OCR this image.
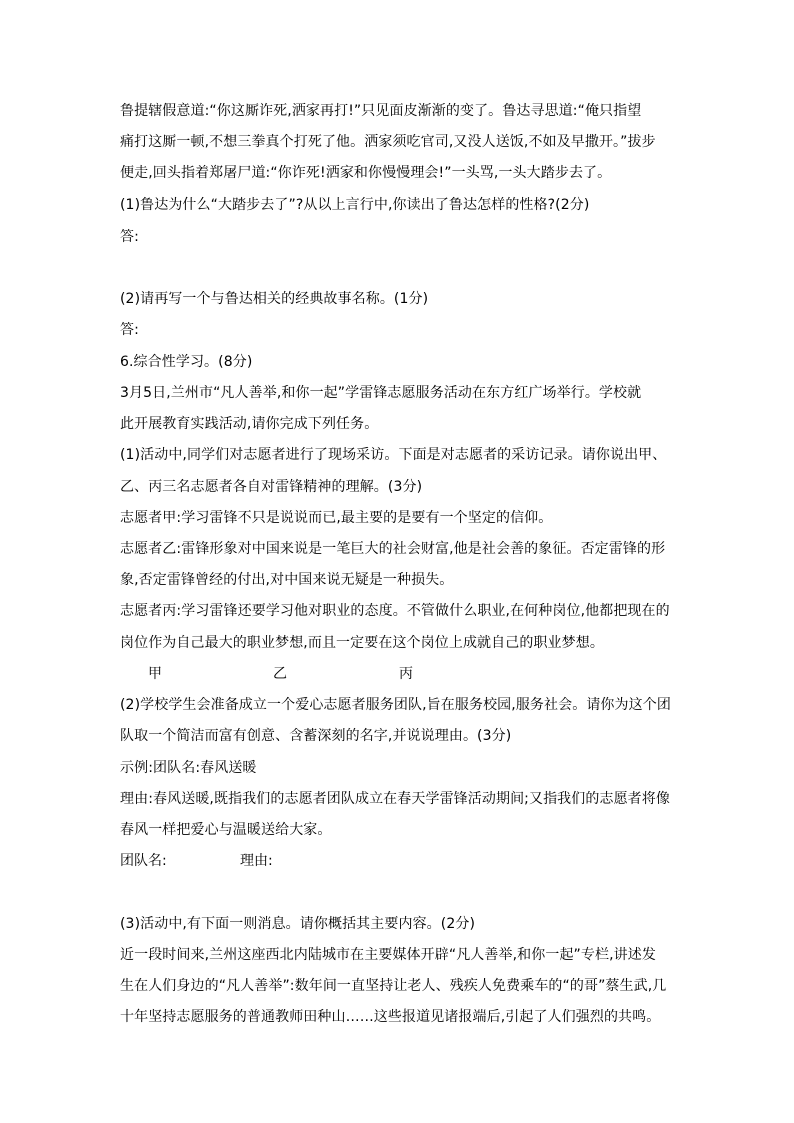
鲁提辖假意道:“你这厮诈死,洒家再打!”只见面皮渐渐的变了。鲁达寻思道:“俺只指望
痛打这厮一顿,不想三拳真个打死了他。洒家须吃官司,又没人送饭,不如及早撒开。”拔步
便走,回头指着郑屠尸道:“你诈死!洒家和你慢慢理会!”一头骂,一头大踏步去了。
(1)鲁达为什么“大踏步去了”?从以上言行中,你读出了鲁达怎样的性格?(2分)
答:
(2)请再写一个与鲁达相关的经典故事名称。(1分)
答:
6.综合性学习。(8分)
3月5日,兰州市“凡人善举,和你一起”学雷锋志愿服务活动在东方红广场举行。学校就
此开展教育实践活动,请你完成下列任务。
(1)活动中,同学们对志愿者进行了现场采访。下面是对志愿者的采访记录。请你说出甲、
乙、丙三名志愿者各自对雷锋精神的理解。(3分)
志愿者甲:学习雷锋不只是说说而已,最主要的是要有一个坚定的信仰。
志愿者乙:雷锋形象对中国来说是一笔巨大的社会财富,他是社会善的象征。否定雷锋的形
象,否定雷锋曾经的付出,对中国来说无疑是一种损失。
志愿者丙:学习雷锋还要学习他对职业的态度。不管做什么职业,在何种岗位,他都把现在的
岗位作为自己最大的职业梦想,而且一定要在这个岗位上成就自己的职业梦想。
甲	乙	丙
(2)学校学生会准备成立一个爱心志愿者服务团队,旨在服务校园,服务社会。请你为这个团
队取一个简洁而富有创意、含蓄深刻的名字,并说说理由。(3分)
示例:团队名:春风送暖
理由:春风送暖,既指我们的志愿者团队成立在春天学雷锋活动期间;又指我们的志愿者将像
春风一样把爱心与温暖送给大家。
团队名:	理由:
(3)活动中,有下面一则消息。请你概括其主要内容。(2分)
近一段时间来,兰州这座西北内陆城市在主要媒体开辟“凡人善举,和你一起”专栏,讲述发
生在人们身边的“凡人善举”:数年间一直坚持让老人、残疾人免费乘车的“的哥”蔡生武,几
十年坚持志愿服务的普通教师田种山……这些报道见诸报端后,引起了人们强烈的共鸣。
